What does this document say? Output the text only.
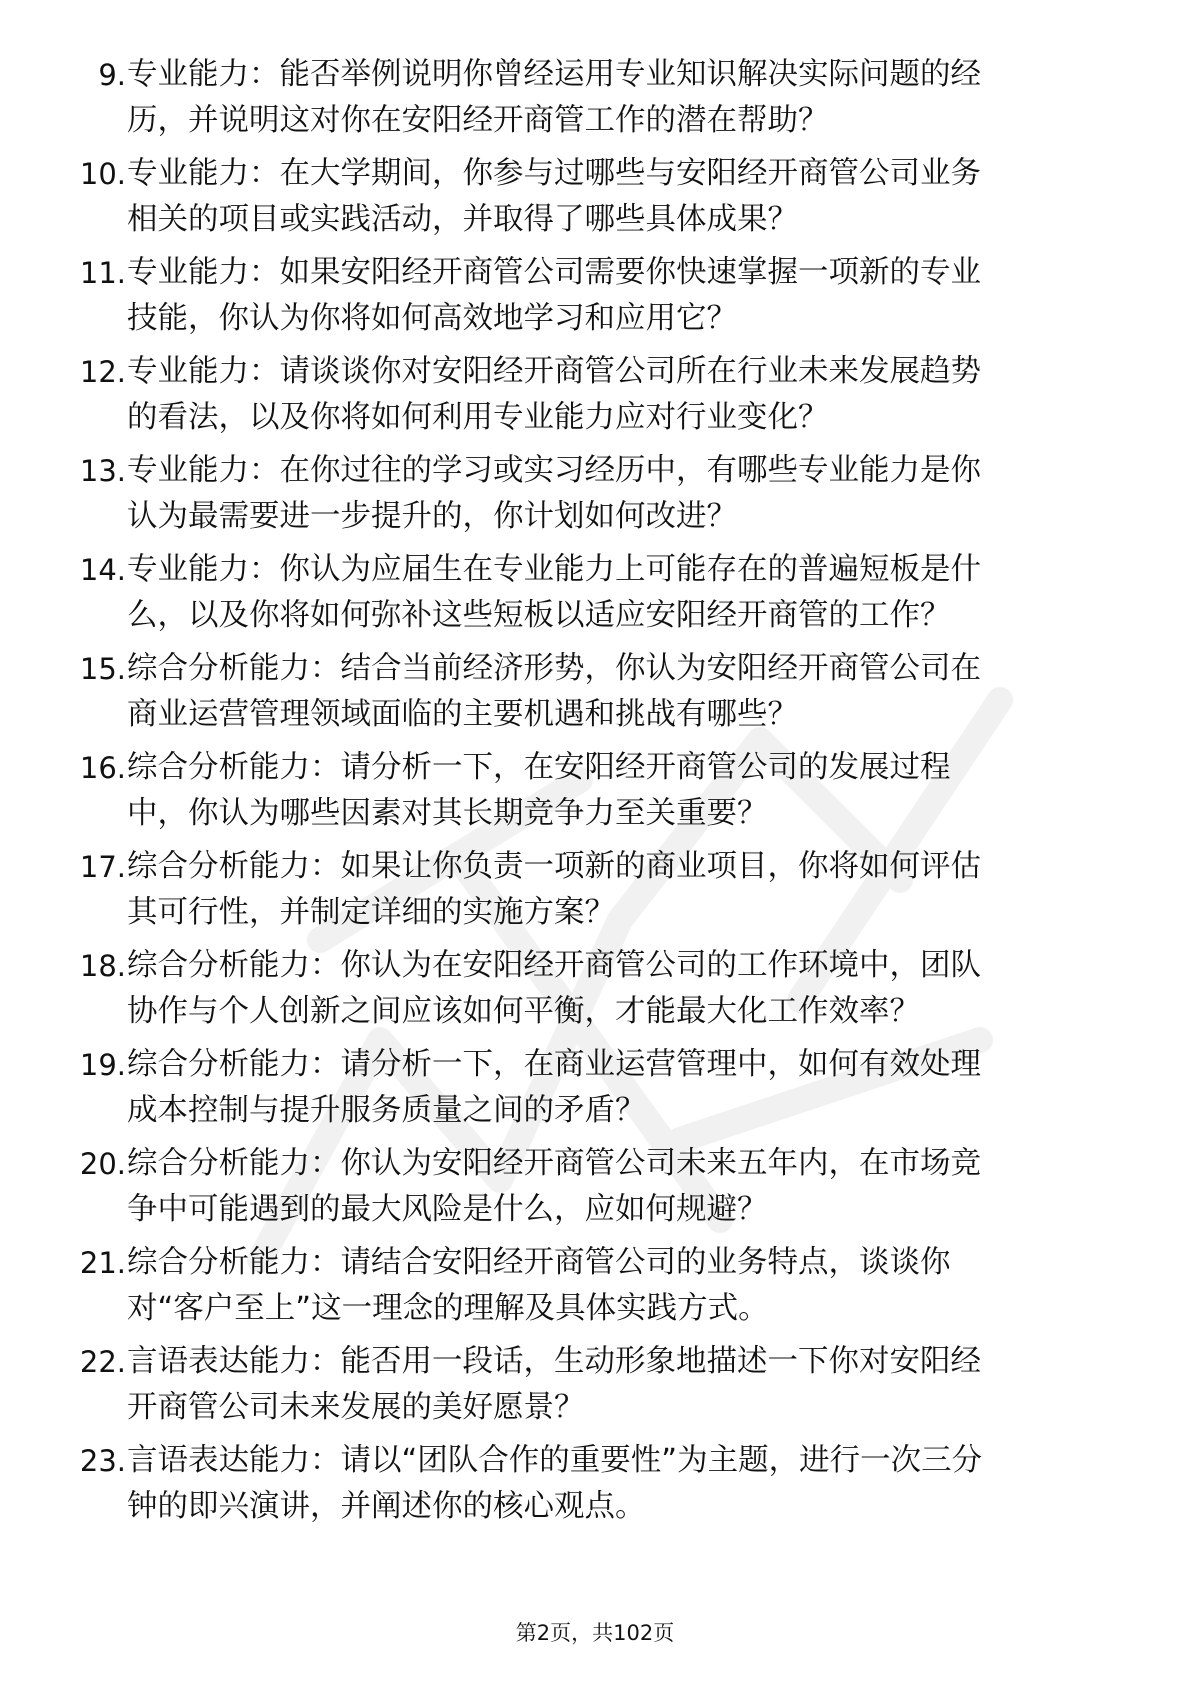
9. 专业能力：能否举例说明你曾经运用专业知识解决实际问题的经
历，并说明这对你在安阳经开商管工作的潜在帮助？
10. 专业能力：在大学期间，你参与过哪些与安阳经开商管公司业务
相关的项目或实践活动，并取得了哪些具体成果？
11. 专业能力：如果安阳经开商管公司需要你快速掌握一项新的专业
技能，你认为你将如何高效地学习和应用它？
12. 专业能力：请谈谈你对安阳经开商管公司所在行业未来发展趋势
的看法，以及你将如何利用专业能力应对行业变化？
13. 专业能力：在你过往的学习或实习经历中，有哪些专业能力是你
认为最需要进一步提升的，你计划如何改进？
14. 专业能力：你认为应届生在专业能力上可能存在的普遍短板是什
么，以及你将如何弥补这些短板以适应安阳经开商管的工作？
15. 综合分析能力：结合当前经济形势，你认为安阳经开商管公司在
商业运营管理领域面临的主要机遇和挑战有哪些？
16. 综合分析能力：请分析一下，在安阳经开商管公司的发展过程
中，你认为哪些因素对其长期竞争力至关重要？
17. 综合分析能力：如果让你负责一项新的商业项目，你将如何评估
其可行性，并制定详细的实施方案？
18. 综合分析能力：你认为在安阳经开商管公司的工作环境中，团队
协作与个人创新之间应该如何平衡，才能最大化工作效率？
19. 综合分析能力：请分析一下，在商业运营管理中，如何有效处理
成本控制与提升服务质量之间的矛盾？
20. 综合分析能力：你认为安阳经开商管公司未来五年内，在市场竞
争中可能遇到的最大风险是什么，应如何规避？
21. 综合分析能力：请结合安阳经开商管公司的业务特点，谈谈你
对“客户至上”这一理念的理解及具体实践方式。
22. 言语表达能力：能否用一段话，生动形象地描述一下你对安阳经
开商管公司未来发展的美好愿景？
23. 言语表达能力：请以“团队合作的重要性”为主题，进行一次三分
钟的即兴演讲，并阐述你的核心观点。
第2页，共102页
